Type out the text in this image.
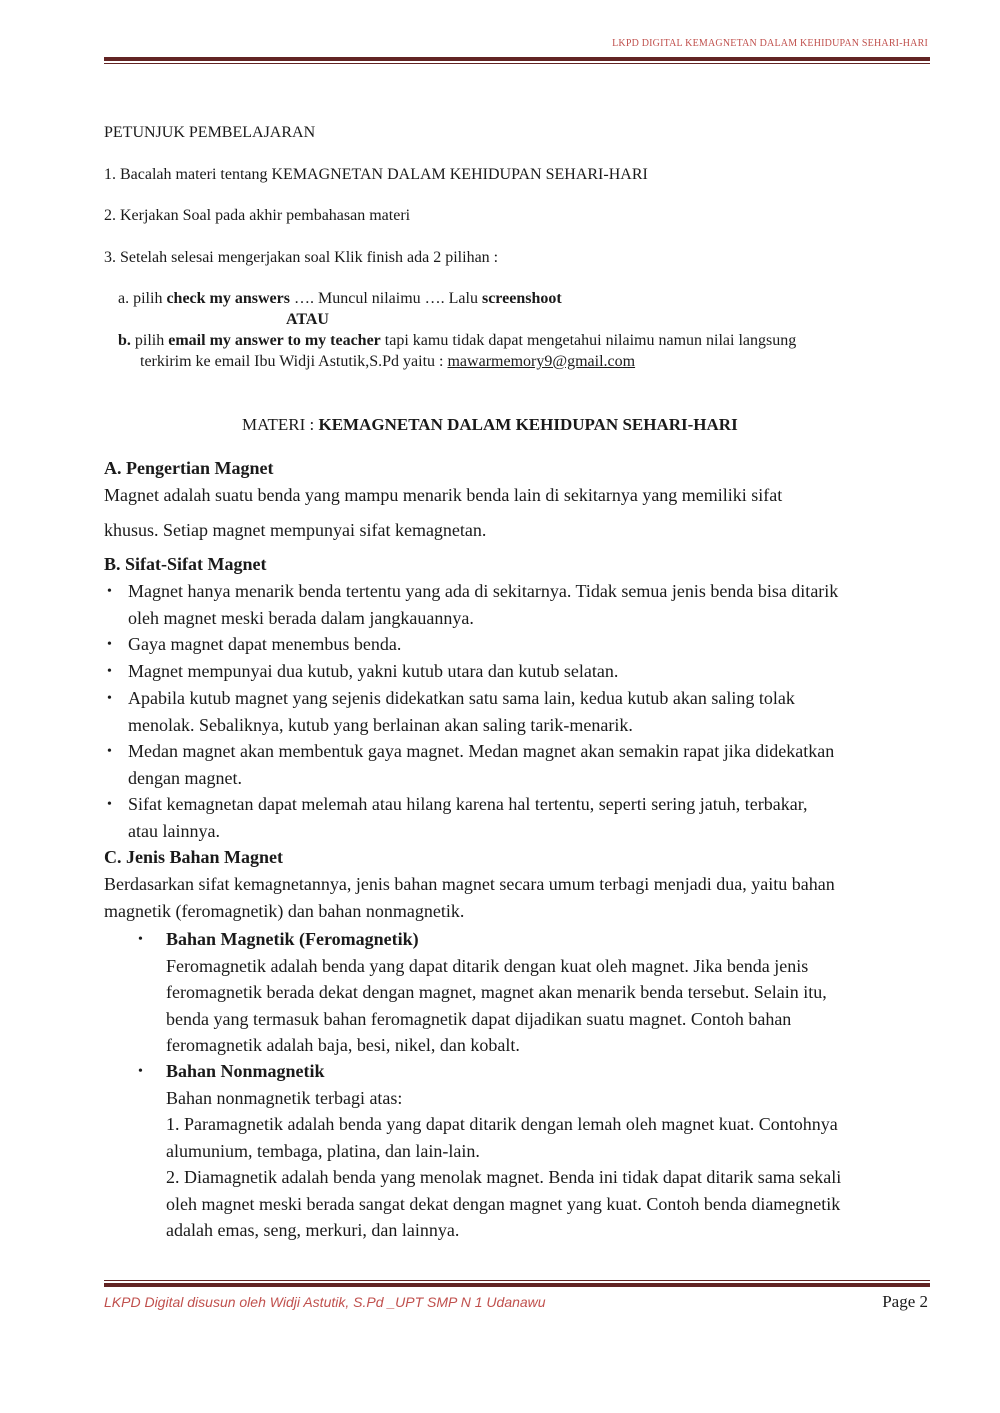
LKPD DIGITAL KEMAGNETAN DALAM KEHIDUPAN SEHARI-HARI
PETUNJUK PEMBELAJARAN
1. Bacalah materi tentang KEMAGNETAN DALAM KEHIDUPAN SEHARI-HARI
2. Kerjakan Soal pada akhir pembahasan materi
3. Setelah selesai mengerjakan soal Klik finish ada 2 pilihan :
a. pilih check my answers …. Muncul nilaimu …. Lalu screenshoot
ATAU
b. pilih email my answer to my teacher tapi kamu tidak dapat mengetahui nilaimu namun nilai langsung
terkirim ke email Ibu Widji Astutik,S.Pd yaitu : mawarmemory9@gmail.com
MATERI : KEMAGNETAN DALAM KEHIDUPAN SEHARI-HARI
A. Pengertian Magnet
Magnet adalah suatu benda yang mampu menarik benda lain di sekitarnya yang memiliki sifat
khusus. Setiap magnet mempunyai sifat kemagnetan.
B. Sifat-Sifat Magnet
• Magnet hanya menarik benda tertentu yang ada di sekitarnya. Tidak semua jenis benda bisa ditarik
oleh magnet meski berada dalam jangkauannya.
• Gaya magnet dapat menembus benda.
• Magnet mempunyai dua kutub, yakni kutub utara dan kutub selatan.
• Apabila kutub magnet yang sejenis didekatkan satu sama lain, kedua kutub akan saling tolak
menolak. Sebaliknya, kutub yang berlainan akan saling tarik-menarik.
• Medan magnet akan membentuk gaya magnet. Medan magnet akan semakin rapat jika didekatkan
dengan magnet.
• Sifat kemagnetan dapat melemah atau hilang karena hal tertentu, seperti sering jatuh, terbakar,
atau lainnya.
C. Jenis Bahan Magnet
Berdasarkan sifat kemagnetannya, jenis bahan magnet secara umum terbagi menjadi dua, yaitu bahan
magnetik (feromagnetik) dan bahan nonmagnetik.
• Bahan Magnetik (Feromagnetik)
Feromagnetik adalah benda yang dapat ditarik dengan kuat oleh magnet. Jika benda jenis
feromagnetik berada dekat dengan magnet, magnet akan menarik benda tersebut. Selain itu,
benda yang termasuk bahan feromagnetik dapat dijadikan suatu magnet. Contoh bahan
feromagnetik adalah baja, besi, nikel, dan kobalt.
• Bahan Nonmagnetik
Bahan nonmagnetik terbagi atas:
1. Paramagnetik adalah benda yang dapat ditarik dengan lemah oleh magnet kuat. Contohnya
alumunium, tembaga, platina, dan lain-lain.
2. Diamagnetik adalah benda yang menolak magnet. Benda ini tidak dapat ditarik sama sekali
oleh magnet meski berada sangat dekat dengan magnet yang kuat. Contoh benda diamegnetik
adalah emas, seng, merkuri, dan lainnya.
LKPD Digital disusun oleh Widji Astutik, S.Pd _UPT SMP N 1 Udanawu	Page 2
